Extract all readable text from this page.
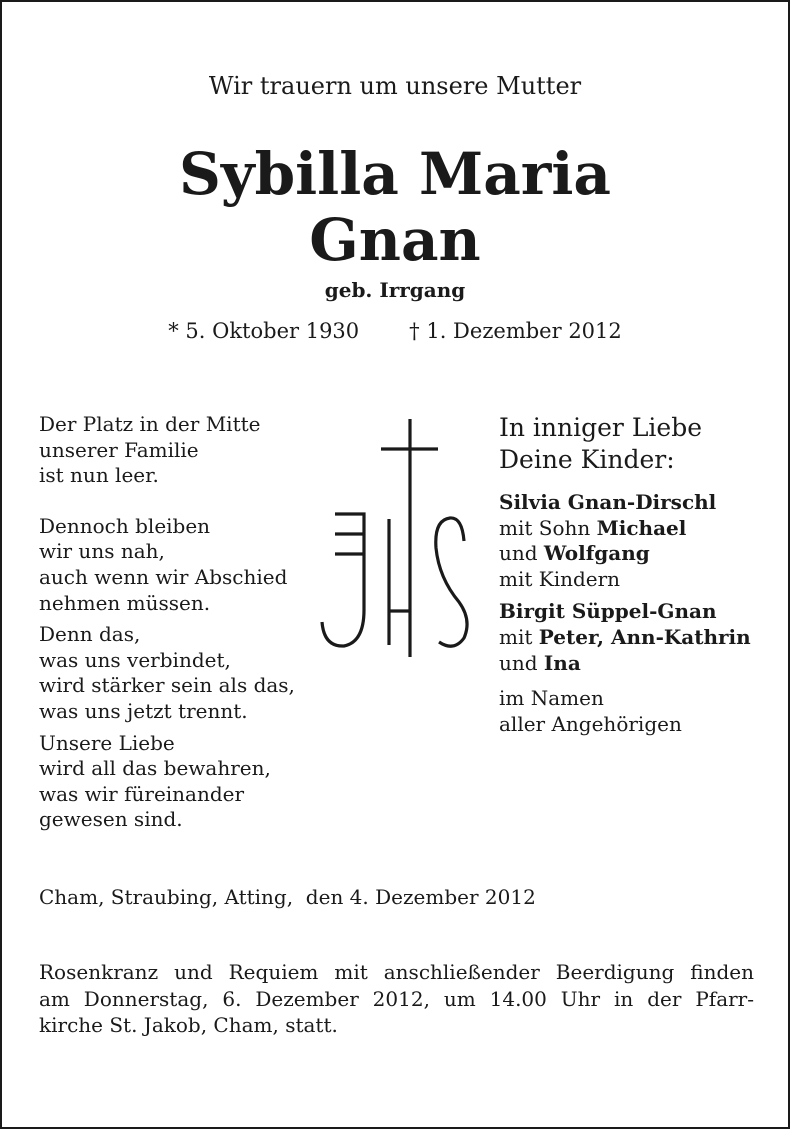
Wir trauern um unsere Mutter
Sybilla Maria
Gnan
geb. Irrgang
* 5. Oktober 1930 † 1. Dezember 2012

Der Platz in der Mitte
unserer Familie
ist nun leer.

Dennoch bleiben
wir uns nah,
auch wenn wir Abschied
nehmen müssen.

Denn das,
was uns verbindet,
wird stärker sein als das,
was uns jetzt trennt.

Unsere Liebe
wird all das bewahren,
was wir füreinander
gewesen sind.

In inniger Liebe
Deine Kinder:

Silvia Gnan-Dirschl
mit Sohn Michael
und Wolfgang
mit Kindern

Birgit Süppel-Gnan
mit Peter, Ann-Kathrin
und Ina

im Namen
aller Angehörigen

Cham, Straubing, Atting,  den 4. Dezember 2012
Rosenkranz und Requiem mit anschließender Beerdigung finden
am Donnerstag, 6. Dezember 2012, um 14.00 Uhr in der Pfarr-
kirche St. Jakob, Cham, statt.
